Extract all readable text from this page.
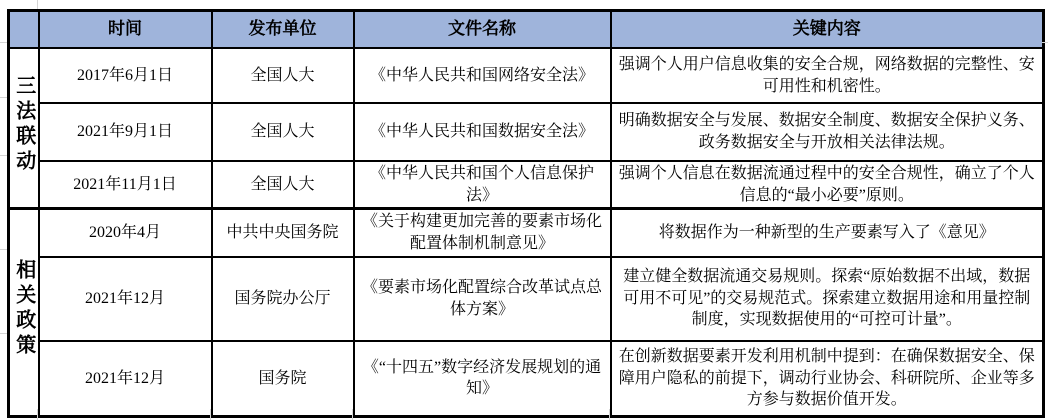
	时间	发布单位	文件名称	关键内容
三法联动	2017年6月1日	全国人大	《中华人民共和国网络安全法》	强调个人用户信息收集的安全合规，网络数据的完整性、安可用性和机密性。
	2021年9月1日	全国人大	《中华人民共和国数据安全法》	明确数据安全与发展、数据安全制度、数据安全保护义务、政务数据安全与开放相关法律法规。
	2021年11月1日	全国人大	《中华人民共和国个人信息保护法》	强调个人信息在数据流通过程中的安全合规性，确立了个人信息的“最小必要”原则。
相关政策	2020年4月	中共中央国务院	《关于构建更加完善的要素市场化配置体制机制意见》	将数据作为一种新型的生产要素写入了《意见》
	2021年12月	国务院办公厅	《要素市场化配置综合改革试点总体方案》	建立健全数据流通交易规则。探索“原始数据不出域，数据可用不可见”的交易规范式。探索建立数据用途和用量控制制度，实现数据使用的“可控可计量”。
	2021年12月	国务院	《“十四五”数字经济发展规划的通知》	在创新数据要素开发利用机制中提到：在确保数据安全、保障用户隐私的前提下，调动行业协会、科研院所、企业等多方参与数据价值开发。
